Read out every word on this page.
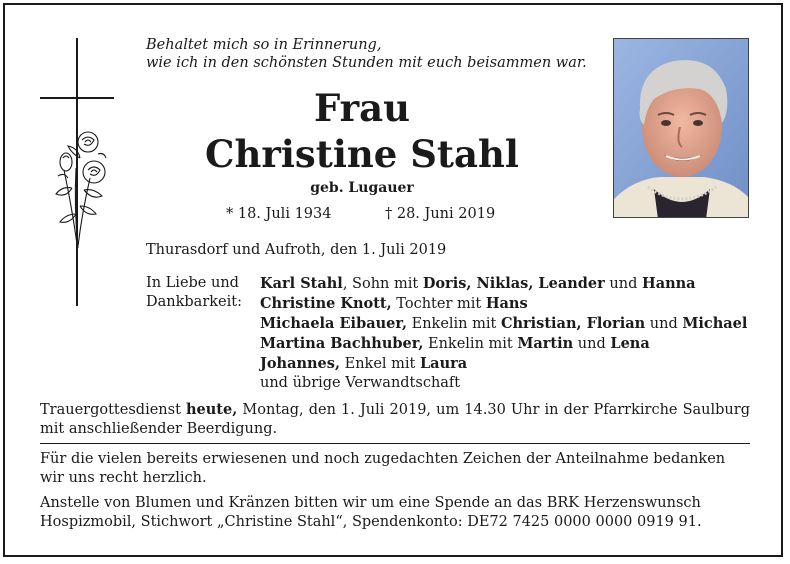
Behaltet mich so in Erinnerung,
wie ich in den schönsten Stunden mit euch beisammen war.
Frau
Christine Stahl
geb. Lugauer
* 18. Juli 1934	† 28. Juni 2019
Thurasdorf und Aufroth, den 1. Juli 2019
In Liebe und
Dankbarkeit:
Karl Stahl, Sohn mit Doris, Niklas, Leander und Hanna
Christine Knott, Tochter mit Hans
Michaela Eibauer, Enkelin mit Christian, Florian und Michael
Martina Bachhuber, Enkelin mit Martin und Lena
Johannes, Enkel mit Laura
und übrige Verwandtschaft
Trauergottesdienst heute, Montag, den 1. Juli 2019, um 14.30 Uhr in der Pfarrkirche Saulburg mit anschließender Beerdigung.
Für die vielen bereits erwiesenen und noch zugedachten Zeichen der Anteilnahme bedanken wir uns recht herzlich.
Anstelle von Blumen und Kränzen bitten wir um eine Spende an das BRK Herzenswunsch Hospizmobil, Stichwort „Christine Stahl“, Spendenkonto: DE72 7425 0000 0000 0919 91.
